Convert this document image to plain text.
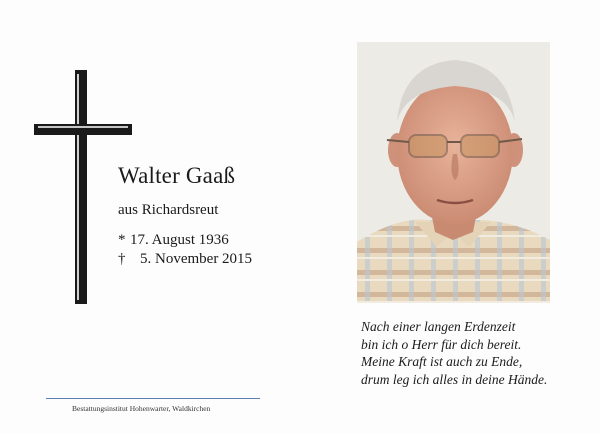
Walter Gaaß
aus Richardsreut
* 17. August 1936
† 5. November 2015
Nach einer langen Erdenzeit
bin ich o Herr für dich bereit.
Meine Kraft ist auch zu Ende,
drum leg ich alles in deine Hände.
Bestattungsinstitut Hohenwarter, Waldkirchen
